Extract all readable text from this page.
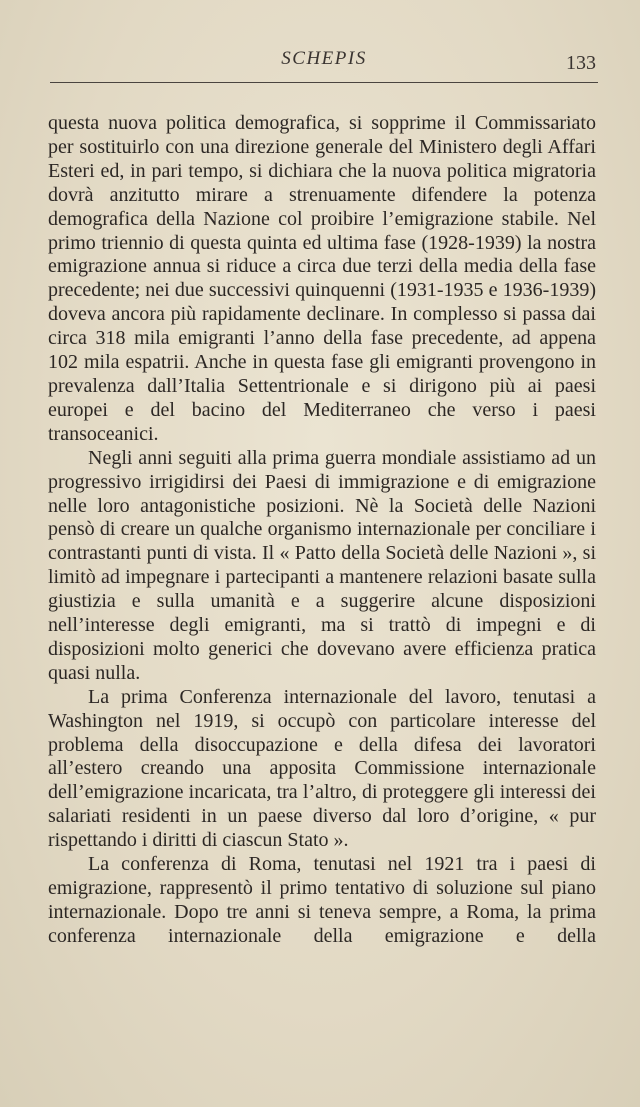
SCHEPIS	133

questa nuova politica demografica, si sopprime il Commissariato per sostituirlo con una direzione generale del Ministero degli Affari Esteri ed, in pari tempo, si dichiara che la nuova politica migratoria dovrà anzitutto mirare a strenuamente difendere la potenza demografica della Nazione col proibire l’emigrazione stabile. Nel primo triennio di questa quinta ed ultima fase (1928-1939) la nostra emigrazione annua si riduce a circa due terzi della media della fase precedente; nei due successivi quinquenni (1931-1935 e 1936-1939) doveva ancora più rapidamente declinare. In complesso si passa dai circa 318 mila emigranti l’anno della fase precedente, ad appena 102 mila espatrii. Anche in questa fase gli emigranti provengono in prevalenza dall’Italia Settentrionale e si dirigono più ai paesi europei e del bacino del Mediterraneo che verso i paesi transoceanici.

Negli anni seguiti alla prima guerra mondiale assistiamo ad un progressivo irrigidirsi dei Paesi di immigrazione e di emigrazione nelle loro antagonistiche posizioni. Nè la Società delle Nazioni pensò di creare un qualche organismo internazionale per conciliare i contrastanti punti di vista. Il « Patto della Società delle Nazioni », si limitò ad impegnare i partecipanti a mantenere relazioni basate sulla giustizia e sulla umanità e a suggerire alcune disposizioni nell’interesse degli emigranti, ma si trattò di impegni e di disposizioni molto generici che dovevano avere efficienza pratica quasi nulla.

La prima Conferenza internazionale del lavoro, tenutasi a Washington nel 1919, si occupò con particolare interesse del problema della disoccupazione e della difesa dei lavoratori all’estero creando una apposita Commissione internazionale dell’emigrazione incaricata, tra l’altro, di proteggere gli interessi dei salariati residenti in un paese diverso dal loro d’origine, « pur rispettando i diritti di ciascun Stato ».

La conferenza di Roma, tenutasi nel 1921 tra i paesi di emigrazione, rappresentò il primo tentativo di soluzione sul piano internazionale. Dopo tre anni si teneva sempre, a Roma, la prima conferenza internazionale della emigrazione e della
